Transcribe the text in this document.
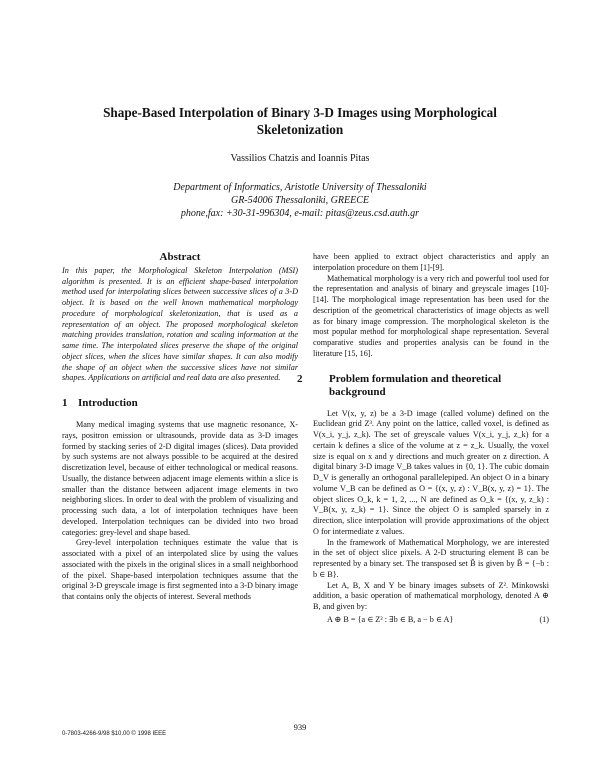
Shape-Based Interpolation of Binary 3-D Images using Morphological Skeletonization
Vassilios Chatzis and Ioannis Pitas
Department of Informatics, Aristotle University of Thessaloniki
GR-54006 Thessaloniki, GREECE
phone,fax: +30-31-996304, e-mail: pitas@zeus.csd.auth.gr
Abstract

In this paper, the Morphological Skeleton Interpolation (MSI) algorithm is presented. It is an efficient shape-based interpolation method used for interpolating slices between successive slices of a 3-D object. It is based on the well known mathematical morphology procedure of morphological skeletonization, that is used as a representation of an object. The proposed morphological skeleton matching provides translation, rotation and scaling information at the same time. The interpolated slices preserve the shape of the original object slices, when the slices have similar shapes. It can also modify the shape of an object when the successive slices have not similar shapes. Applications on artificial and real data are also presented.

1 Introduction

Many medical imaging systems that use magnetic resonance, X-rays, positron emission or ultrasounds, provide data as 3-D images formed by stacking series of 2-D digital images (slices). Data provided by such systems are not always possible to be acquired at the desired discretization level, because of either technological or medical reasons. Usually, the distance between adjacent image elements within a slice is smaller than the distance between adjacent image elements in two neighboring slices. In order to deal with the problem of visualizing and processing such data, a lot of interpolation techniques have been developed. Interpolation techniques can be divided into two broad categories: grey-level and shape based.

Grey-level interpolation techniques estimate the value that is associated with a pixel of an interpolated slice by using the values associated with the pixels in the original slices in a small neighborhood of the pixel. Shape-based interpolation techniques assume that the original 3-D greyscale image is first segmented into a 3-D binary image that contains only the objects of interest. Several methods

have been applied to extract object characteristics and apply an interpolation procedure on them [1]-[9].

Mathematical morphology is a very rich and powerful tool used for the representation and analysis of binary and greyscale images [10]-[14]. The morphological image representation has been used for the description of the geometrical characteristics of image objects as well as for binary image compression. The morphological skeleton is the most popular method for morphological shape representation. Several comparative studies and properties analysis can be found in the literature [15, 16].

2 Problem formulation and theoretical background

Let V(x, y, z) be a 3-D image (called volume) defined on the Euclidean grid Z³. Any point on the lattice, called voxel, is defined as V(x_i, y_j, z_k). The set of greyscale values V(x_i, y_j, z_k) for a certain k defines a slice of the volume at z = z_k. Usually, the voxel size is equal on x and y directions and much greater on z direction. A digital binary 3-D image V_B takes values in {0, 1}. The cubic domain D_V is generally an orthogonal parallelepiped. An object O in a binary volume V_B can be defined as O = {(x, y, z) : V_B(x, y, z) = 1}. The object slices O_k, k = 1, 2, ..., N are defined as O_k = {(x, y, z_k) : V_B(x, y, z_k) = 1}. Since the object O is sampled sparsely in z direction, slice interpolation will provide approximations of the object O for intermediate z values.

In the framework of Mathematical Morphology, we are interested in the set of object slice pixels. A 2-D structuring element B can be represented by a binary set. The transposed set B̌ is given by B̌ = {−b : b ∈ B}.

Let A, B, X and Y be binary images subsets of Z². Minkowski addition, a basic operation of mathematical morphology, denoted A ⊕ B, and given by:

A ⊕ B = {a ∈ Z² : ∃b ∈ B, a − b ∈ A}	(1)
939
0-7803-4266-9/98 $10.00 © 1998 IEEE
